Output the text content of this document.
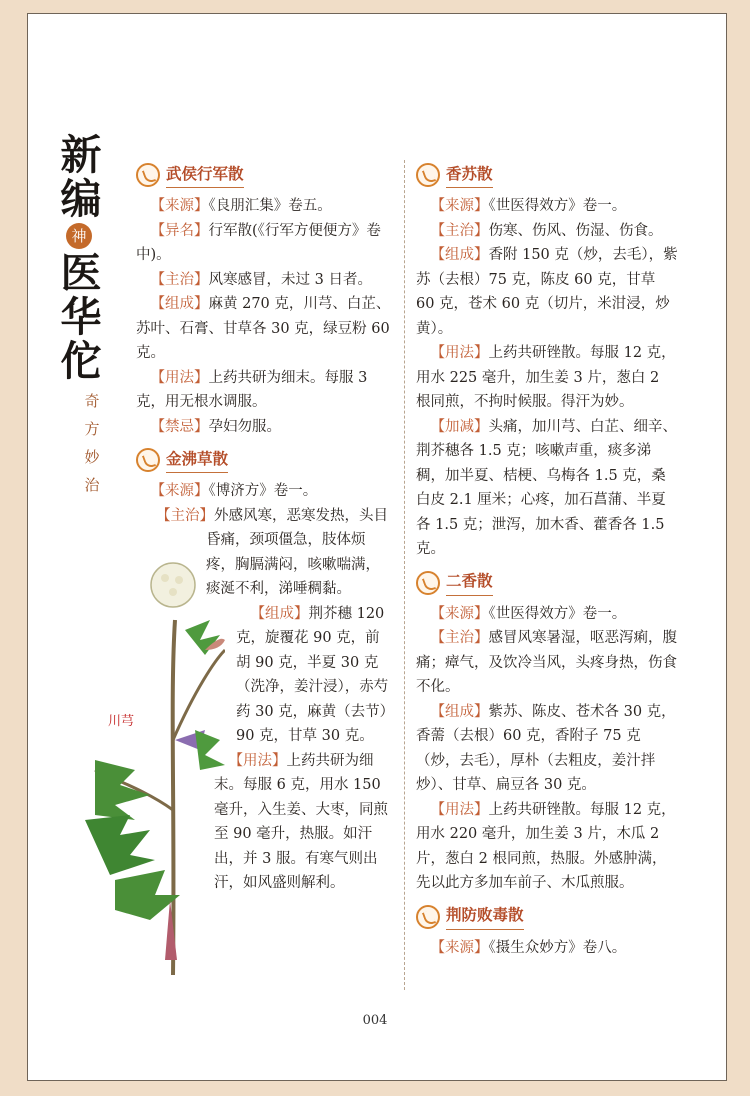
新
编
神
医
华
佗
奇
方
妙
治
武侯行军散

【 来源 】 《良朋汇集》卷五。

【 异名 】 行军散(《行军方便便方》卷中)。

【 主治 】 风寒感冒，未过 3 日者。

【 组成 】 麻黄 270 克，川芎、白芷、苏叶、石膏、甘草各 30 克，绿豆粉 60 克。

【 用法 】 上药共研为细末。每服 3 克，用无根水调服。

【 禁忌 】 孕妇勿服。

金沸草散

【 来源 】 《博济方》卷一。

【 主治 】 外感风寒，恶寒发热，头目昏痛，颈项僵急，肢体烦疼，胸膈满闷，咳嗽喘满，痰涎不利，涕唾稠黏。

【 组成 】 荆芥穗 120 克，旋覆花 90 克，前胡 90 克，半夏 30 克（洗净，姜汁浸），赤芍药 30 克，麻黄（去节）90 克，甘草 30 克。

【 用法 】 上药共研为细末。每服 6 克，用水 150 毫升，入生姜、大枣，同煎至 90 毫升，热服。如汗出，并 3 服。有寒气则出汗，如风盛则解利。

川芎
香苏散

【 来源 】 《世医得效方》卷一。

【 主治 】 伤寒、伤风、伤湿、伤食。

【 组成 】 香附 150 克（炒，去毛），紫苏（去根）75 克，陈皮 60 克，甘草 60 克，苍术 60 克（切片，米泔浸，炒黄）。

【 用法 】 上药共研锉散。每服 12 克，用水 225 毫升，加生姜 3 片，葱白 2 根同煎，不拘时候服。得汗为妙。

【 加减 】 头痛，加川芎、白芷、细辛、荆芥穗各 1.5 克；咳嗽声重，痰多涕稠，加半夏、桔梗、乌梅各 1.5 克，桑白皮 2.1 厘米；心疼，加石菖蒲、半夏各 1.5 克；泄泻，加木香、藿香各 1.5 克。

二香散

【 来源 】 《世医得效方》卷一。

【 主治 】 感冒风寒暑湿，呕恶泻痢，腹痛；瘴气，及饮冷当风，头疼身热，伤食不化。

【 组成 】 紫苏、陈皮、苍术各 30 克，香薷（去根）60 克，香附子 75 克（炒，去毛），厚朴（去粗皮，姜汁拌炒）、甘草、扁豆各 30 克。

【 用法 】 上药共研锉散。每服 12 克，用水 220 毫升，加生姜 3 片，木瓜 2 片，葱白 2 根同煎，热服。外感肿满，先以此方多加车前子、木瓜煎服。

荆防败毒散

【 来源 】 《摄生众妙方》卷八。

004
